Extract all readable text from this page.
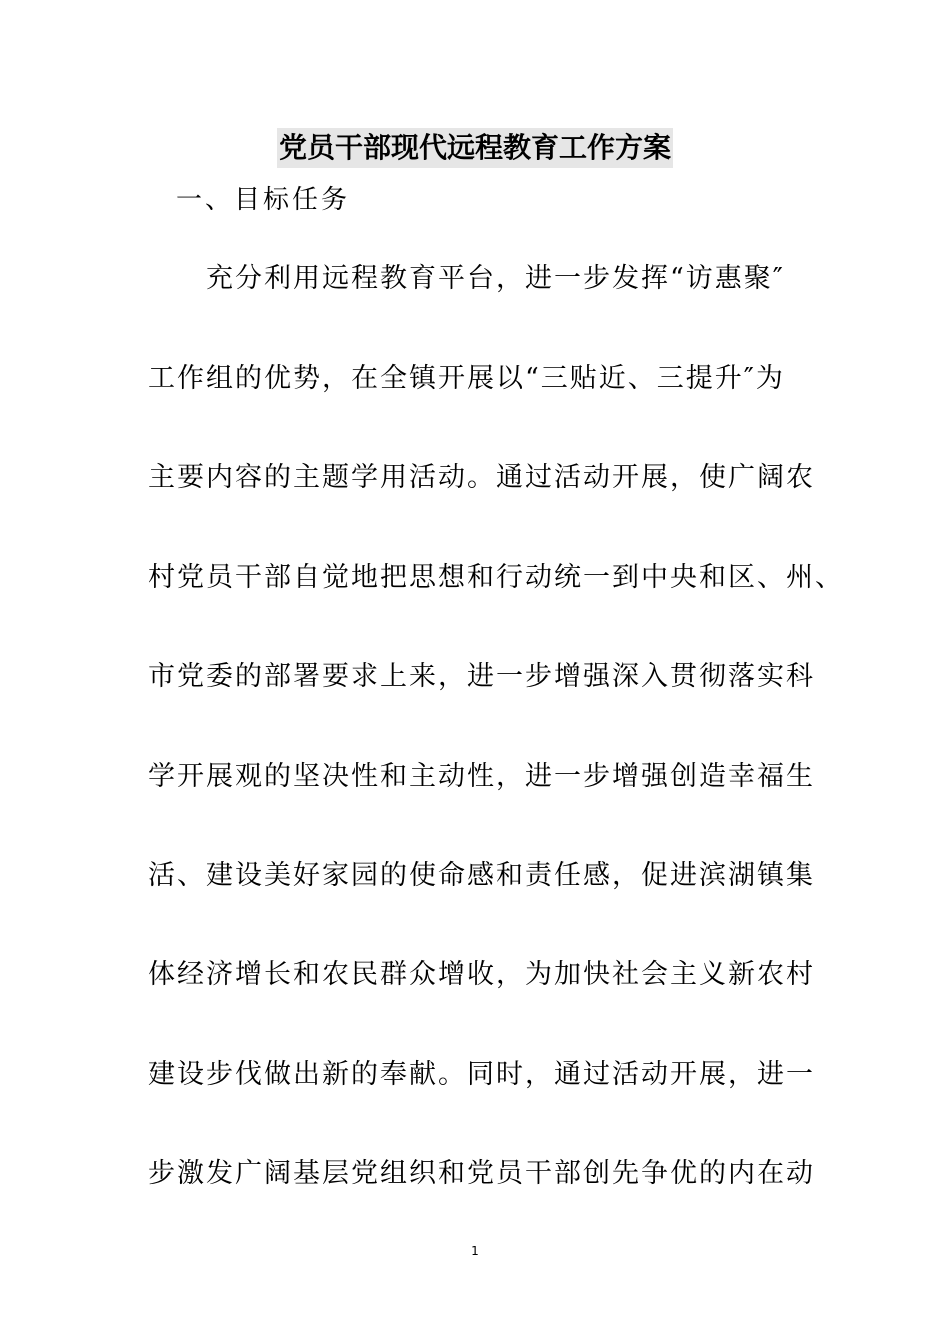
党员干部现代远程教育工作方案
一、目标任务
充分利用远程教育平台，进一步发挥“访惠聚″
工作组的优势，在全镇开展以“三贴近、三提升″为
主要内容的主题学用活动。通过活动开展，使广阔农
村党员干部自觉地把思想和行动统一到中央和区、州、
市党委的部署要求上来，进一步增强深入贯彻落实科
学开展观的坚决性和主动性，进一步增强创造幸福生
活、建设美好家园的使命感和责任感，促进滨湖镇集
体经济增长和农民群众增收，为加快社会主义新农村
建设步伐做出新的奉献。同时，通过活动开展，进一
步激发广阔基层党组织和党员干部创先争优的内在动
1
